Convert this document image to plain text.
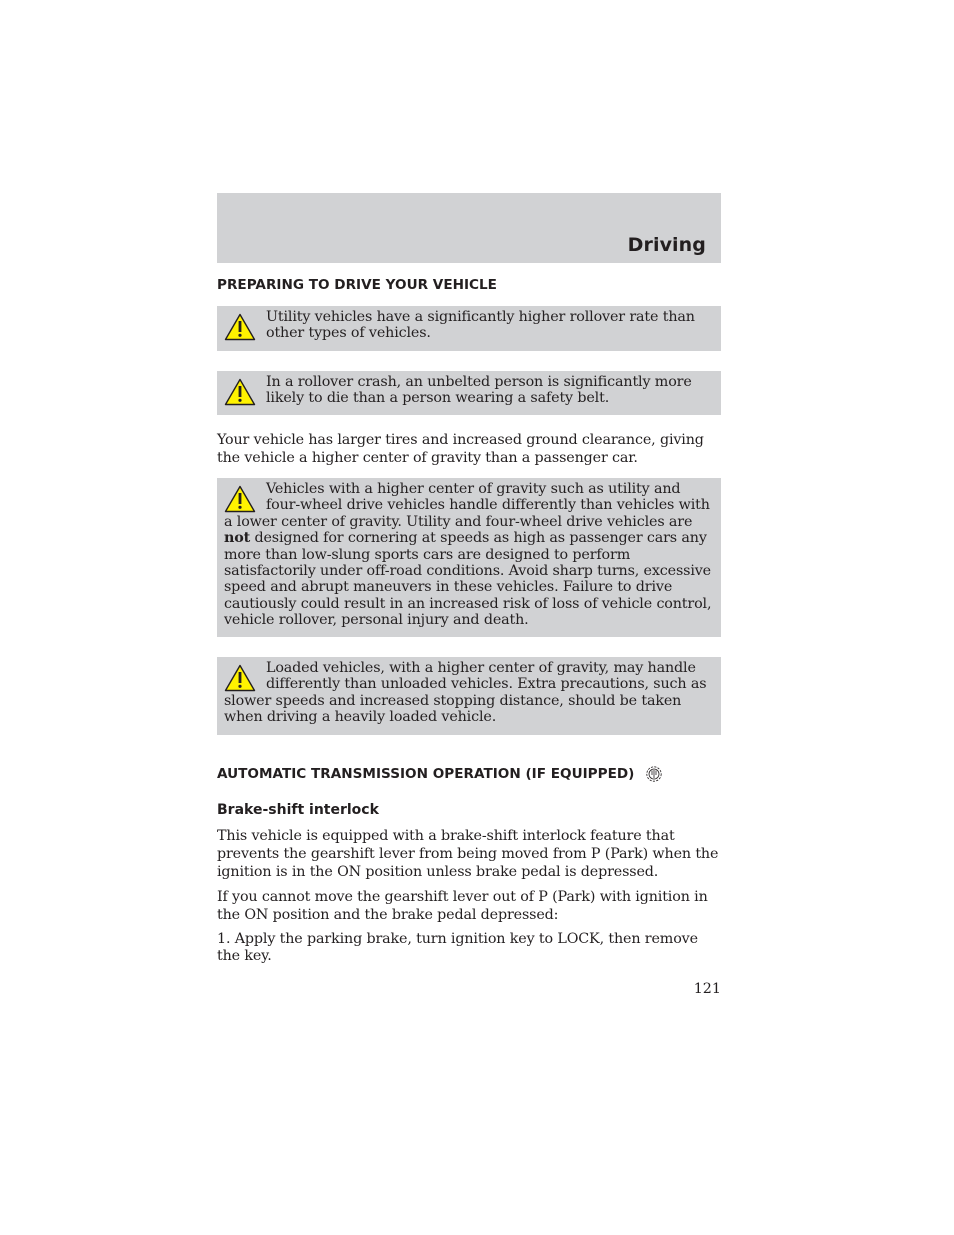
Driving
PREPARING TO DRIVE YOUR VEHICLE
Utility vehicles have a significantly higher rollover rate than other types of vehicles.
In a rollover crash, an unbelted person is significantly more likely to die than a person wearing a safety belt.
Your vehicle has larger tires and increased ground clearance, giving the vehicle a higher center of gravity than a passenger car.
Vehicles with a higher center of gravity such as utility and four-wheel drive vehicles handle differently than vehicles with a lower center of gravity. Utility and four-wheel drive vehicles are not designed for cornering at speeds as high as passenger cars any more than low-slung sports cars are designed to perform satisfactorily under off-road conditions. Avoid sharp turns, excessive speed and abrupt maneuvers in these vehicles. Failure to drive cautiously could result in an increased risk of loss of vehicle control, vehicle rollover, personal injury and death.
Loaded vehicles, with a higher center of gravity, may handle differently than unloaded vehicles. Extra precautions, such as slower speeds and increased stopping distance, should be taken when driving a heavily loaded vehicle.
AUTOMATIC TRANSMISSION OPERATION (IF EQUIPPED)
Brake-shift interlock
This vehicle is equipped with a brake-shift interlock feature that prevents the gearshift lever from being moved from P (Park) when the ignition is in the ON position unless brake pedal is depressed.
If you cannot move the gearshift lever out of P (Park) with ignition in the ON position and the brake pedal depressed:
1. Apply the parking brake, turn ignition key to LOCK, then remove the key.
121
